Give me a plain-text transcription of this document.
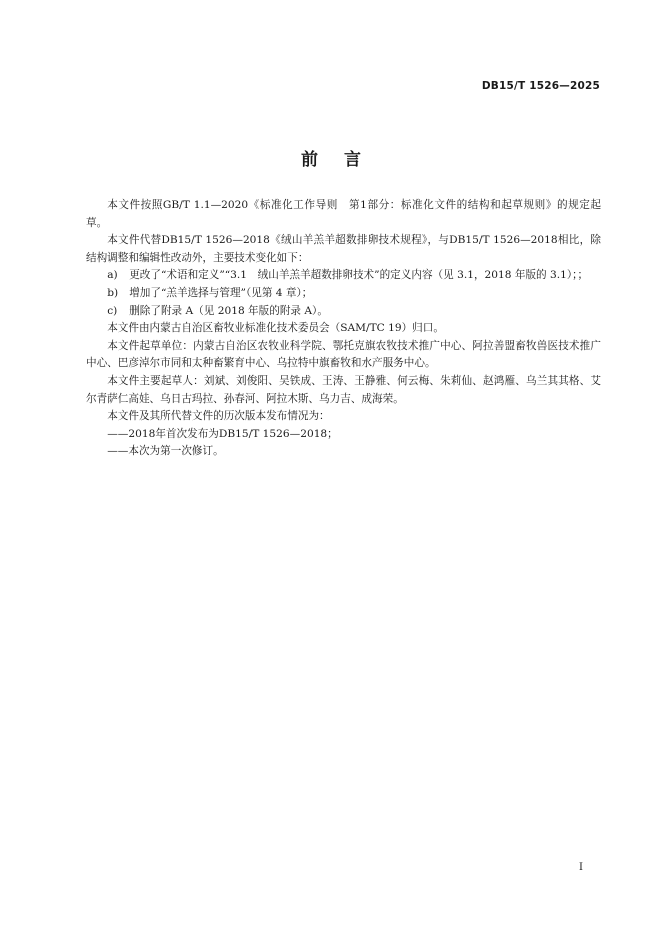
DB15/T 1526—2025
前言

本文件按照GB/T 1.1—2020《标准化工作导则　第1部分：标准化文件的结构和起草规则》的规定起草。

本文件代替DB15/T 1526—2018《绒山羊羔羊超数排卵技术规程》，与DB15/T 1526—2018相比，除结构调整和编辑性改动外，主要技术变化如下：

a)	更改了“术语和定义”“3.1　绒山羊羔羊超数排卵技术”的定义内容（见 3.1，2018 年版的 3.1）；；
b)	增加了“羔羊选择与管理”（见第 4 章）；
c)	删除了附录 A（见 2018 年版的附录 A）。

本文件由内蒙古自治区畜牧业标准化技术委员会（SAM/TC 19）归口。

本文件起草单位：内蒙古自治区农牧业科学院、鄂托克旗农牧技术推广中心、阿拉善盟畜牧兽医技术推广中心、巴彦淖尔市同和太种畜繁育中心、乌拉特中旗畜牧和水产服务中心。

本文件主要起草人：刘斌、刘俊阳、吴铁成、王涛、王静雅、何云梅、朱莉仙、赵鸿雁、乌兰其其格、艾尔青萨仁高娃、乌日古玛拉、孙春河、阿拉木斯、乌力吉、成海荣。

本文件及其所代替文件的历次版本发布情况为：

——2018年首次发布为DB15/T 1526—2018；

——本次为第一次修订。

I
